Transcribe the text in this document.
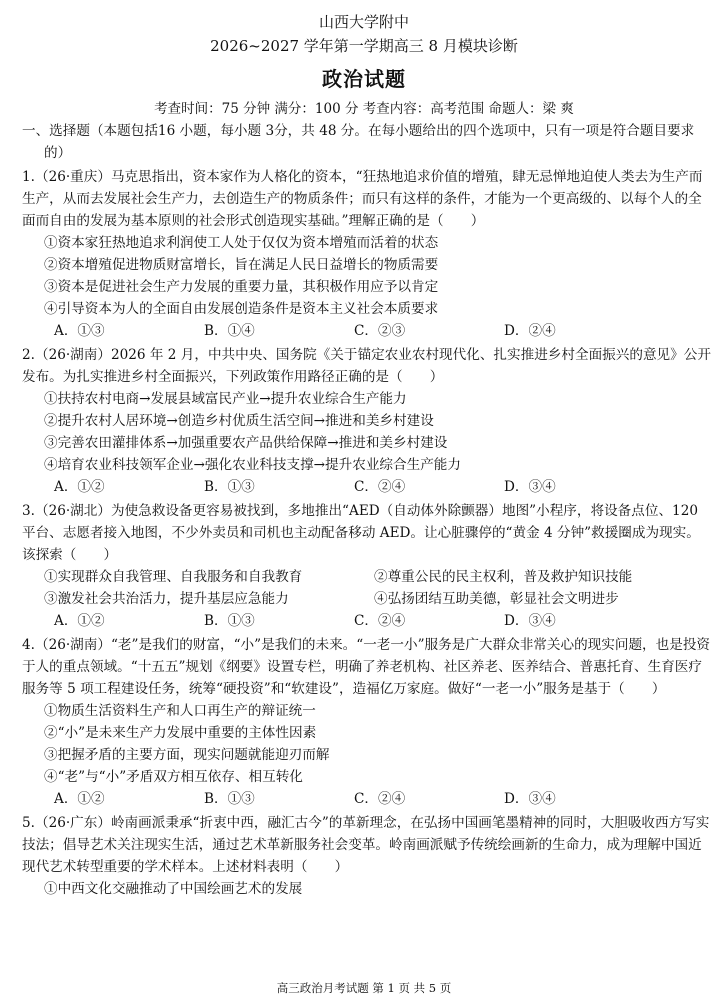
山西大学附中
2026~2027 学年第一学期高三 8 月模块诊断
政治试题
考查时间：75 分钟 满分：100 分 考查内容：高考范围 命题人：梁 爽
一、选择题（本题包括16 小题，每小题 3分，共 48 分。在每小题给出的四个选项中，只有一项是符合题目要求的）
1.（26·重庆）马克思指出，资本家作为人格化的资本，“狂热地追求价值的增殖，肆无忌惮地迫使人类去为生产而生产，从而去发展社会生产力，去创造生产的物质条件；而只有这样的条件，才能为一个更高级的、以每个人的全面而自由的发展为基本原则的社会形式创造现实基础。”理解正确的是（　　）
①资本家狂热地追求利润使工人处于仅仅为资本增殖而活着的状态
②资本增殖促进物质财富增长，旨在满足人民日益增长的物质需要
③资本是促进社会生产力发展的重要力量，其积极作用应予以肯定
④引导资本为人的全面自由发展创造条件是资本主义社会本质要求
A．①③	B．①④	C．②③	D．②④
2.（26·湖南）2026 年 2 月，中共中央、国务院《关于锚定农业农村现代化、扎实推进乡村全面振兴的意见》公开发布。为扎实推进乡村全面振兴，下列政策作用路径正确的是（　　）
①扶持农村电商→发展县域富民产业→提升农业综合生产能力
②提升农村人居环境→创造乡村优质生活空间→推进和美乡村建设
③完善农田灌排体系→加强重要农产品供给保障→推进和美乡村建设
④培育农业科技领军企业→强化农业科技支撑→提升农业综合生产能力
A．①②	B．①③	C．②④	D．③④
3.（26·湖北）为使急救设备更容易被找到，多地推出“AED（自动体外除颤器）地图”小程序，将设备点位、120 平台、志愿者接入地图，不少外卖员和司机也主动配备移动 AED。让心脏骤停的“黄金 4 分钟”救援圈成为现实。该探索（　　）
①实现群众自我管理、自我服务和自我教育	②尊重公民的民主权利，普及救护知识技能
③激发社会共治活力，提升基层应急能力	④弘扬团结互助美德，彰显社会文明进步
A．①②	B．①③	C．②④	D．③④
4.（26·湖南）“老”是我们的财富，“小”是我们的未来。“一老一小”服务是广大群众非常关心的现实问题，也是投资于人的重点领域。“十五五”规划《纲要》设置专栏，明确了养老机构、社区养老、医养结合、普惠托育、生育医疗服务等 5 项工程建设任务，统筹“硬投资”和“软建设”，造福亿万家庭。做好“一老一小”服务是基于（　　）
①物质生活资料生产和人口再生产的辩证统一
②“小”是未来生产力发展中重要的主体性因素
③把握矛盾的主要方面，现实问题就能迎刃而解
④“老”与“小”矛盾双方相互依存、相互转化
A．①②	B．①③	C．②④	D．③④
5.（26·广东）岭南画派秉承“折衷中西，融汇古今”的革新理念，在弘扬中国画笔墨精神的同时，大胆吸收西方写实技法；倡导艺术关注现实生活，通过艺术革新服务社会变革。岭南画派赋予传统绘画新的生命力，成为理解中国近现代艺术转型重要的学术样本。上述材料表明（　　）
①中西文化交融推动了中国绘画艺术的发展
高三政治月考试题 第 1 页 共 5 页
